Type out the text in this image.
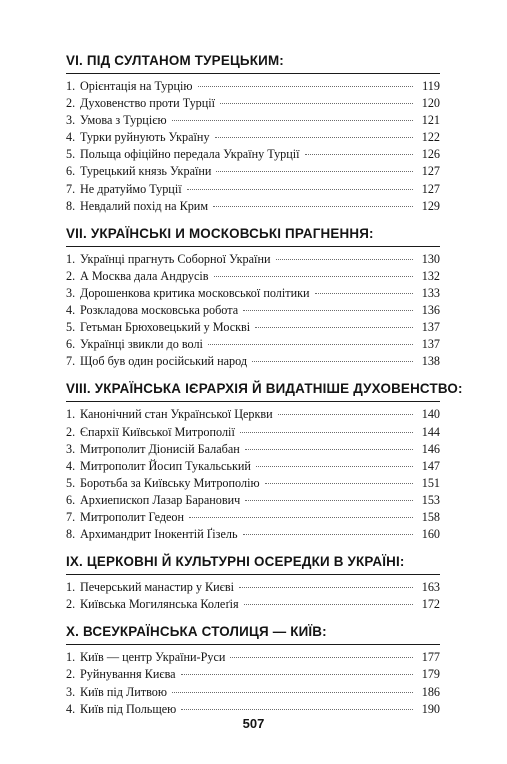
VI. ПІД СУЛТАНОМ ТУРЕЦЬКИМ:
1. Орієнтація на Турцію	119
2. Духовенство проти Турції	120
3. Умова з Турцією	121
4. Турки руйнують Україну	122
5. Польща офіційно передала Україну Турції	126
6. Турецький князь України	127
7. Не дратуймо Турції	127
8. Невдалий похід на Крим	129
VII. УКРАЇНСЬКІ И МОСКОВСЬКІ ПРАГНЕННЯ:
1. Українці прагнуть Соборної України	130
2. А Москва дала Андрусів	132
3. Дорошенкова критика московської політики	133
4. Розкладова московська робота	136
5. Гетьман Брюховецький у Москві	137
6. Українці звикли до волі	137
7. Щоб був один російський народ	138
VIII. УКРАЇНСЬКА ІЄРАРХІЯ Й ВИДАТНІШЕ ДУХОВЕНСТВО:
1. Канонічний стан Української Церкви	140
2. Єпархії Київської Митрополії	144
3. Митрополит Діонисій Балабан	146
4. Митрополит Йосип Тукальський	147
5. Боротьба за Київську Митрополію	151
6. Архиепископ Лазар Баранович	153
7. Митрополит Гедеон	158
8. Архимандрит Інокентій Ґізель	160
IX. ЦЕРКОВНІ Й КУЛЬТУРНІ ОСЕРЕДКИ В УКРАЇНІ:
1. Печерський манастир у Києві	163
2. Київська Могилянська Колеґія	172
X. ВСЕУКРАЇНСЬКА СТОЛИЦЯ — КИЇВ:
1. Київ — центр України-Руси	177
2. Руйнування Києва	179
3. Київ під Литвою	186
4. Київ під Польщею	190
507
